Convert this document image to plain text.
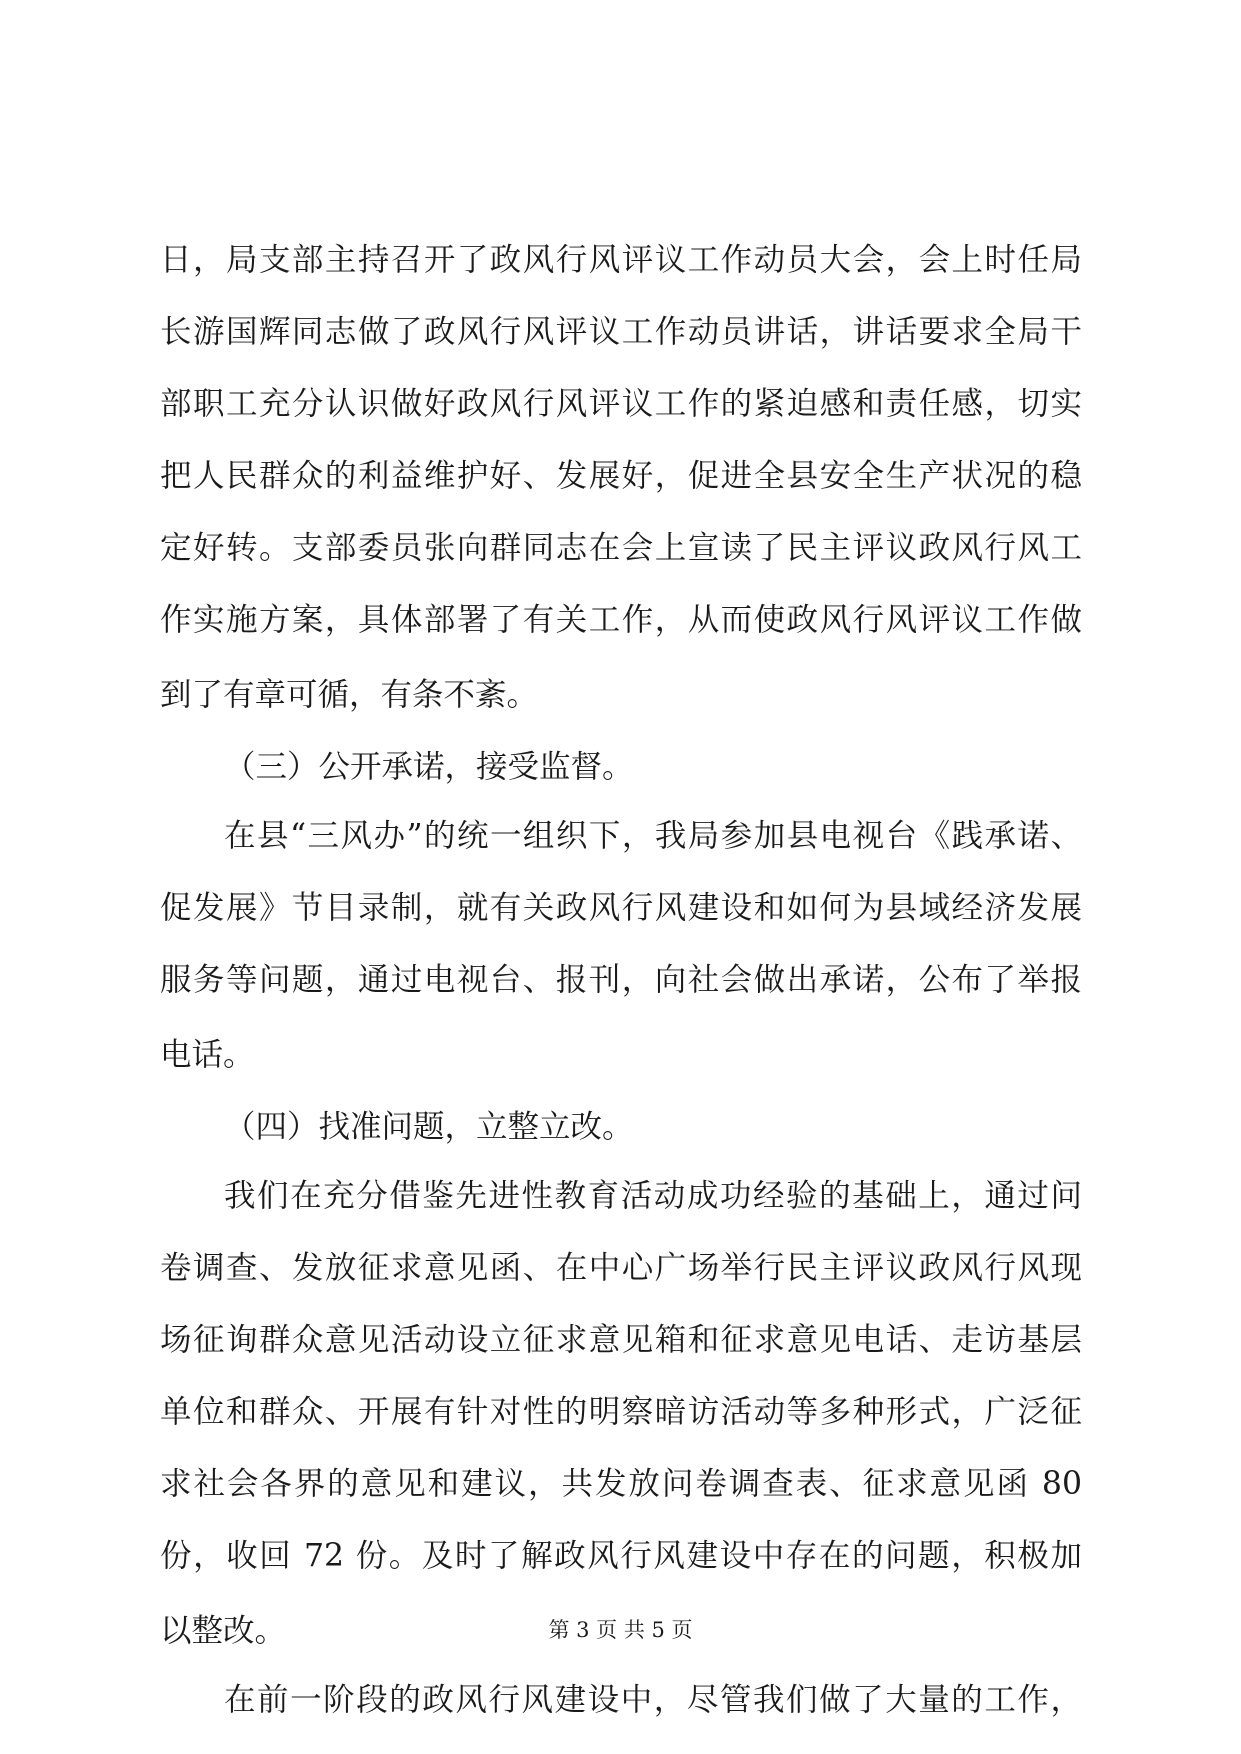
日，局支部主持召开了政风行风评议工作动员大会，会上时任局
长游国辉同志做了政风行风评议工作动员讲话，讲话要求全局干
部职工充分认识做好政风行风评议工作的紧迫感和责任感，切实
把人民群众的利益维护好、发展好，促进全县安全生产状况的稳
定好转。支部委员张向群同志在会上宣读了民主评议政风行风工
作实施方案，具体部署了有关工作，从而使政风行风评议工作做
到了有章可循，有条不紊。
（三）公开承诺，接受监督。
在县“三风办”的统一组织下，我局参加县电视台《践承诺、
促发展》节目录制，就有关政风行风建设和如何为县域经济发展
服务等问题，通过电视台、报刊，向社会做出承诺，公布了举报
电话。
（四）找准问题，立整立改。
我们在充分借鉴先进性教育活动成功经验的基础上，通过问
卷调查、发放征求意见函、在中心广场举行民主评议政风行风现
场征询群众意见活动设立征求意见箱和征求意见电话、走访基层
单位和群众、开展有针对性的明察暗访活动等多种形式，广泛征
求社会各界的意见和建议，共发放问卷调查表、征求意见函 80
份，收回 72 份。及时了解政风行风建设中存在的问题，积极加
以整改。
在前一阶段的政风行风建设中，尽管我们做了大量的工作，
第 3 页 共 5 页
